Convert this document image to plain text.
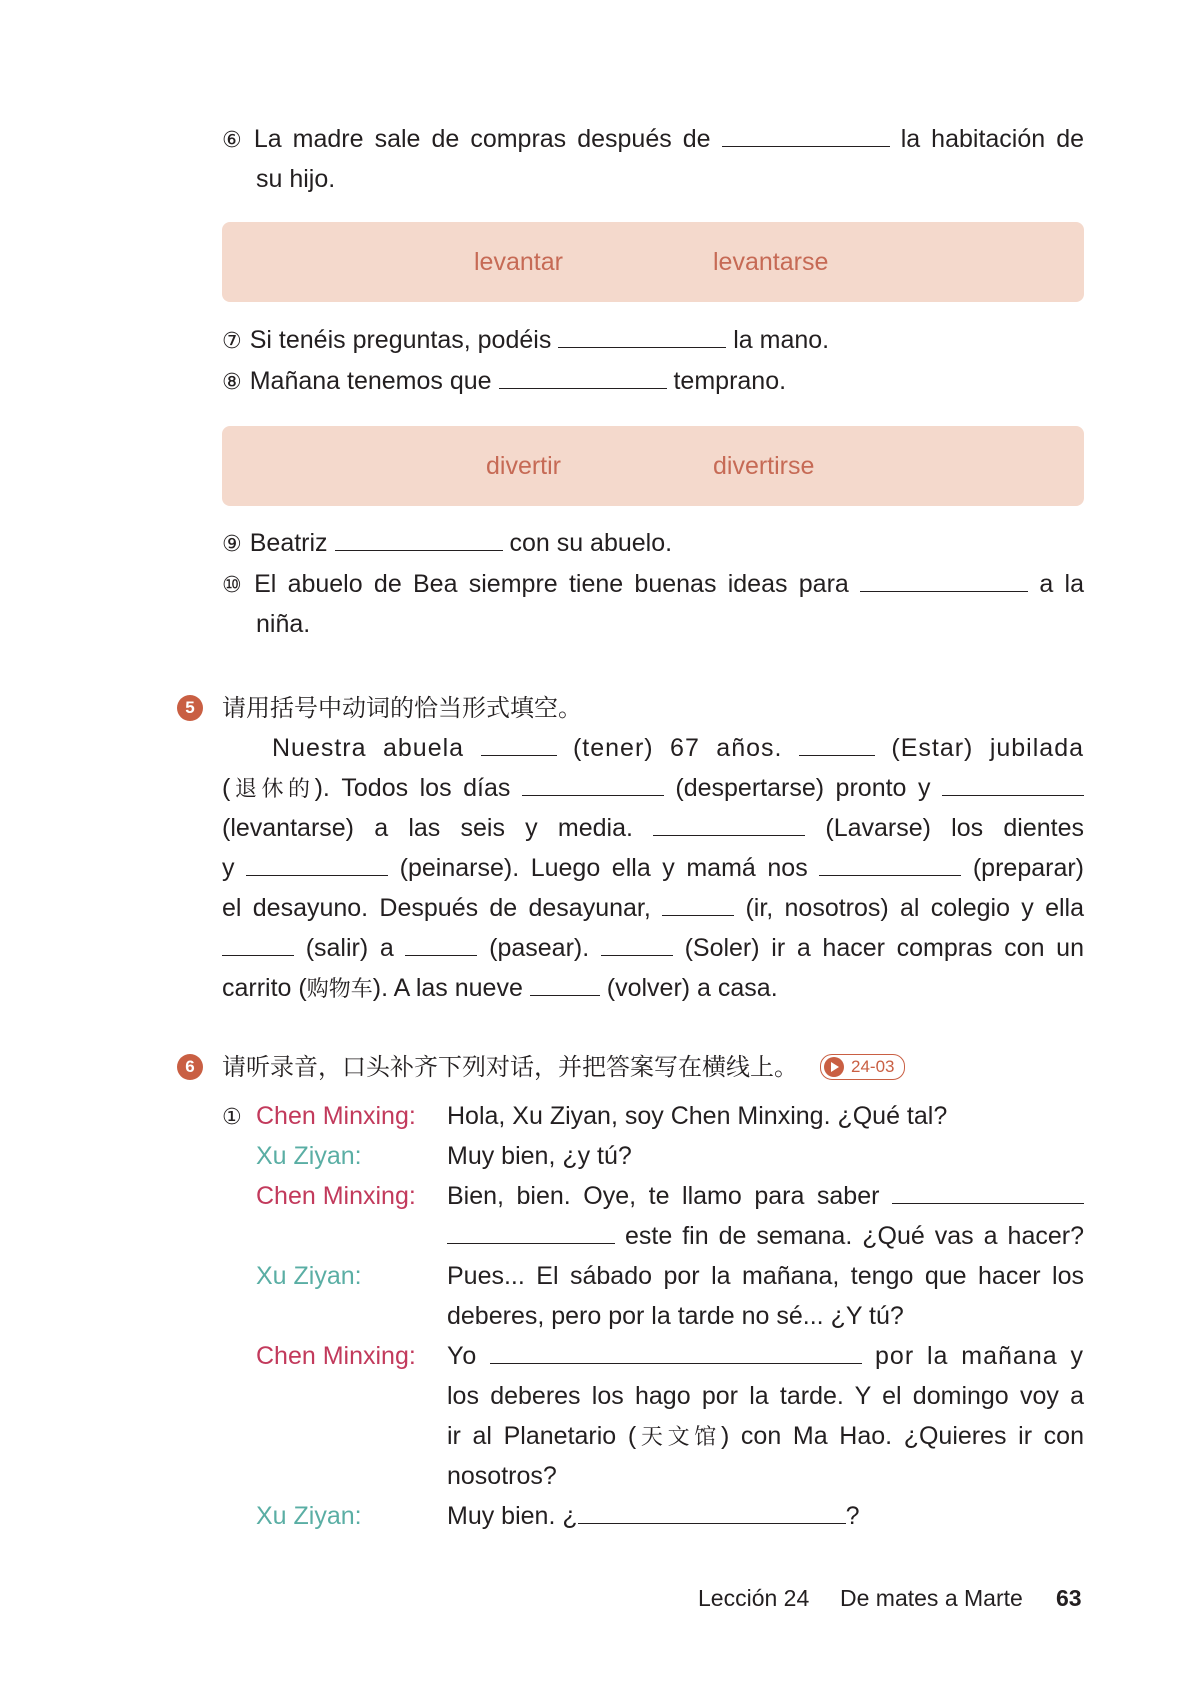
⑥ La madre sale de compras después de	la habitación de
su hijo.
levantar	levantarse
⑦ Si tenéis preguntas, podéis	la mano.
⑧ Mañana tenemos que	temprano.
divertir	divertirse
⑨ Beatriz	con su abuelo.
⑩ El abuelo de Bea siempre tiene buenas ideas para	a la
niña.
5	请用括号中动词的恰当形式填空。
Nuestra abuela	(tener) 67 años.	(Estar) jubilada
(退休的). Todos los días	(despertarse) pronto y
(levantarse) a las seis y media.	(Lavarse) los dientes
y	(peinarse). Luego ella y mamá nos	(preparar)
el desayuno. Después de desayunar,	(ir, nosotros) al colegio y ella
(salir) a	(pasear).	(Soler) ir a hacer compras con un
carrito (购物车). A las nueve	(volver) a casa.
6	请听录音，口头补齐下列对话，并把答案写在横线上。	24-03
① Chen Minxing: Hola, Xu Ziyan, soy Chen Minxing. ¿Qué tal?
Xu Ziyan:	Muy bien, ¿y tú?
Chen Minxing: Bien, bien. Oye, te llamo para saber
este fin de semana. ¿Qué vas a hacer?
Xu Ziyan:	Pues... El sábado por la mañana, tengo que hacer los
deberes, pero por la tarde no sé... ¿Y tú?
Chen Minxing: Yo	por la mañana y
los deberes los hago por la tarde. Y el domingo voy a
ir al Planetario (天文馆) con Ma Hao. ¿Quieres ir con
nosotros?
Xu Ziyan:	Muy bien. ¿	?
Lección 24 De mates a Marte 63
